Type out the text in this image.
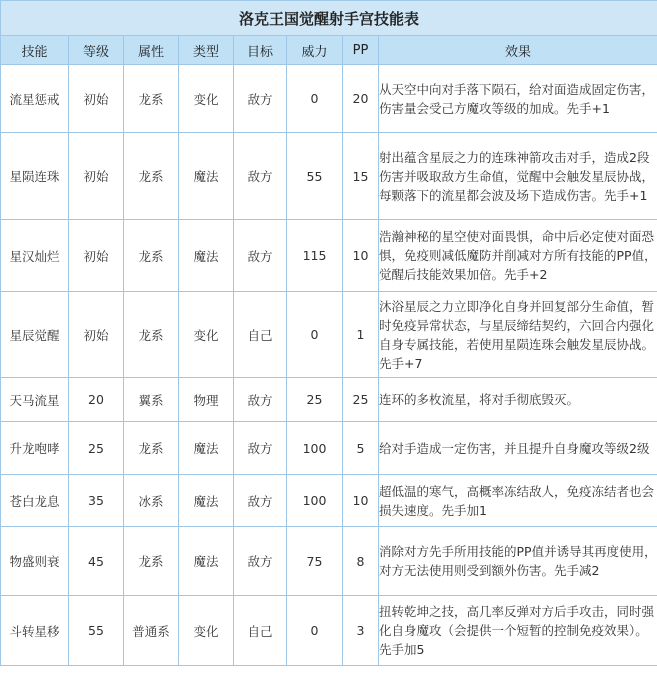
洛克王国觉醒射手宫技能表							
技能	等级	属性	类型	目标	威力	PP	效果
流星惩戒	初始	龙系	变化	敌方	0	20	从天空中向对手落下陨石，给对面造成固定伤害，伤害量会受己方魔攻等级的加成。先手+1
星陨连珠	初始	龙系	魔法	敌方	55	15	射出蕴含星辰之力的连珠神箭攻击对手，造成2段伤害并吸取敌方生命值，觉醒中会触发星辰协战，每颗落下的流星都会波及场下造成伤害。先手+1
星汉灿烂	初始	龙系	魔法	敌方	115	10	浩瀚神秘的星空使对面畏惧，命中后必定使对面恐惧，免疫则减低魔防并削减对方所有技能的PP值，觉醒后技能效果加倍。先手+2
星辰觉醒	初始	龙系	变化	自己	0	1	沐浴星辰之力立即净化自身并回复部分生命值，暂时免疫异常状态，与星辰缔结契约，六回合内强化自身专属技能，若使用星陨连珠会触发星辰协战。先手+7
天马流星	20	翼系	物理	敌方	25	25	连环的多枚流星，将对手彻底毁灭。
升龙咆哮	25	龙系	魔法	敌方	100	5	给对手造成一定伤害，并且提升自身魔攻等级2级
苍白龙息	35	冰系	魔法	敌方	100	10	超低温的寒气，高概率冻结敌人，免疫冻结者也会损失速度。先手加1
物盛则衰	45	龙系	魔法	敌方	75	8	消除对方先手所用技能的PP值并诱导其再度使用，对方无法使用则受到额外伤害。先手减2
斗转星移	55	普通系	变化	自己	0	3	扭转乾坤之技，高几率反弹对方后手攻击，同时强化自身魔攻（会提供一个短暂的控制免疫效果）。先手加5
